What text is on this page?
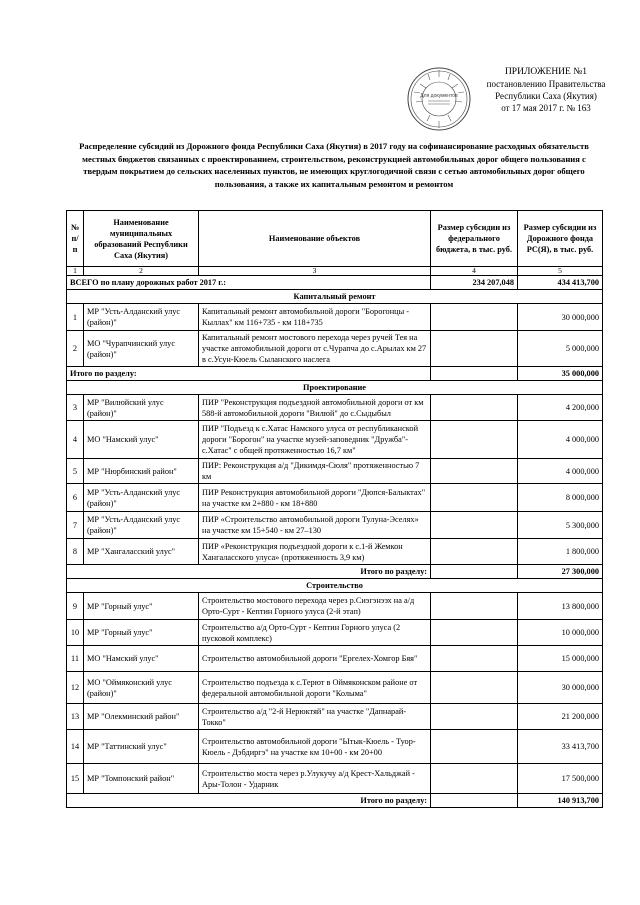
Для документов
ПРИЛОЖЕНИЕ №1
постановлению Правительства
Республики Саха (Якутия)
от 17 мая 2017 г. № 163
Распределение субсидий из Дорожного фонда Республики Саха (Якутия) в 2017 году на софинансирование расходных обязательств местных бюджетов связанных с проектированием, строительством, реконструкцией автомобильных дорог общего пользования с твердым покрытием до сельских населенных пунктов, не имеющих круглогодичной связи с сетью автомобильных дорог общего пользования, а также их капитальным ремонтом и ремонтом
№ п/п	Наименование муниципальных образований Республики Саха (Якутия)	Наименование объектов	Размер субсидии из федерального бюджета, в тыс. руб.	Размер субсидии из Дорожного фонда РС(Я), в тыс. руб.
1	2	3	4	5
ВСЕГО по плану дорожных работ 2017 г.:			234 207,048	434 413,700
Капитальный ремонт				
1	МР "Усть-Алданский улус (район)"	Капитальный ремонт автомобильной дороги "Борогонцы - Кыллах" км 116+735 - км 118+735		30 000,000
2	МО "Чурапчинский улус (район)"	Капитальный ремонт мостового перехода через ручей Тея на участке автомобильной дороги от с.Чурапча до с.Арылах км 27 в с.Усун-Кюель Сыланского наслега		5 000,000
Итого по разделу:				35 000,000
Проектирование				
3	МР "Вилюйский улус (район)"	ПИР "Реконструкция подъездной автомобильной дороги от км 588-й автомобильной дороги "Вилюй" до с.Сыдыбыл		4 200,000
4	МО "Намский улус"	ПИР "Подъезд к с.Хатас Намского улуса от республиканской дороги "Борогон" на участке музей-заповедник "Дружба"- с.Хатас" с общей протяженностью 16,7 км"		4 000,000
5	МР "Нюрбинский район"	ПИР: Реконструкция а/д "Дикимдя-Сюля" протяженностью 7 км		4 000,000
6	МР "Усть-Алданский улус (район)"	ПИР Реконструкция автомобильной дороги "Дюпся-Балыктах" на участке км 2+880 - км 18+880		8 000,000
7	МР "Усть-Алданский улус (район)"	ПИР «Строительство автомобильной дороги Тулуна-Эселях» на участке км 15+540 - км 27–130		5 300,000
8	МР "Хангаласский улус"	ПИР «Реконструкция подъездной дороги к с.1-й Жемкон Хангаласского улуса» (протяженность 3,9 км)		1 800,000
Итого по разделу:				27 300,000
Строительство				
9	МР "Горный улус"	Строительство мостового перехода через р.Сиэгэнээх на а/д Орто-Сурт - Кептин Горного улуса (2-й этап)		13 800,000
10	МР "Горный улус"	Строительство а/д Орто-Сурт - Кептин Горного улуса (2 пусковой комплекс)		10 000,000
11	МО "Намский улус"	Строительство автомобильной дороги "Ергелех-Хомгор Бяя"		15 000,000
12	МО "Оймяконский улус (район)"	Строительство подъезда к с.Терют в Оймяконском районе от федеральной автомобильной дороги "Колыма"		30 000,000
13	МР "Олекминский район"	Строительство а/д "2-й Нерюктяй" на участке "Дапнарай-Токко"		21 200,000
14	МР "Таттинский улус"	Строительство автомобильной дороги "Ытык-Кюель - Туор-Кюель - Дэбдиргэ" на участке км 10+00 - км 20+00		33 413,700
15	МР "Томпонский район"	Строительство моста через р.Улукучу а/д Крест-Хальджай - Ары-Толон - Ударник		17 500,000
Итого по разделу:				140 913,700
